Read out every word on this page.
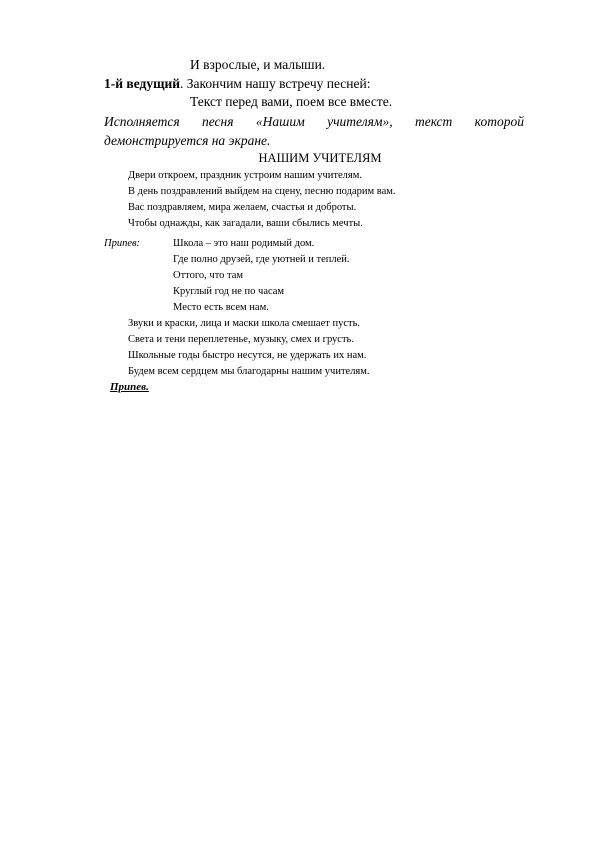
И взрослые, и малыши.
1-й ведущий. Закончим нашу встречу песней:
Текст перед вами, поем все вместе.
Исполняется песня «Нашим учителям», текст которой демонстрируется на экране.
НАШИМ УЧИТЕЛЯМ
Двери откроем, праздник устроим нашим учителям.
В день поздравлений выйдем на сцену, песню подарим вам.
Вас поздравляем, мира желаем, счастья и доброты.
Чтобы однажды, как загадали, ваши сбылись мечты.
Припев:	Школа – это наш родимый дом.
Где полно друзей, где уютней и теплей.
Оттого, что там
Круглый год не по часам
Место есть всем нам.
Звуки и краски, лица и маски школа смешает пусть.
Света и тени переплетенье, музыку, смех и грусть.
Школьные годы быстро несутся, не удержать их нам.
Будем всем сердцем мы благодарны нашим учителям.
Припев.
